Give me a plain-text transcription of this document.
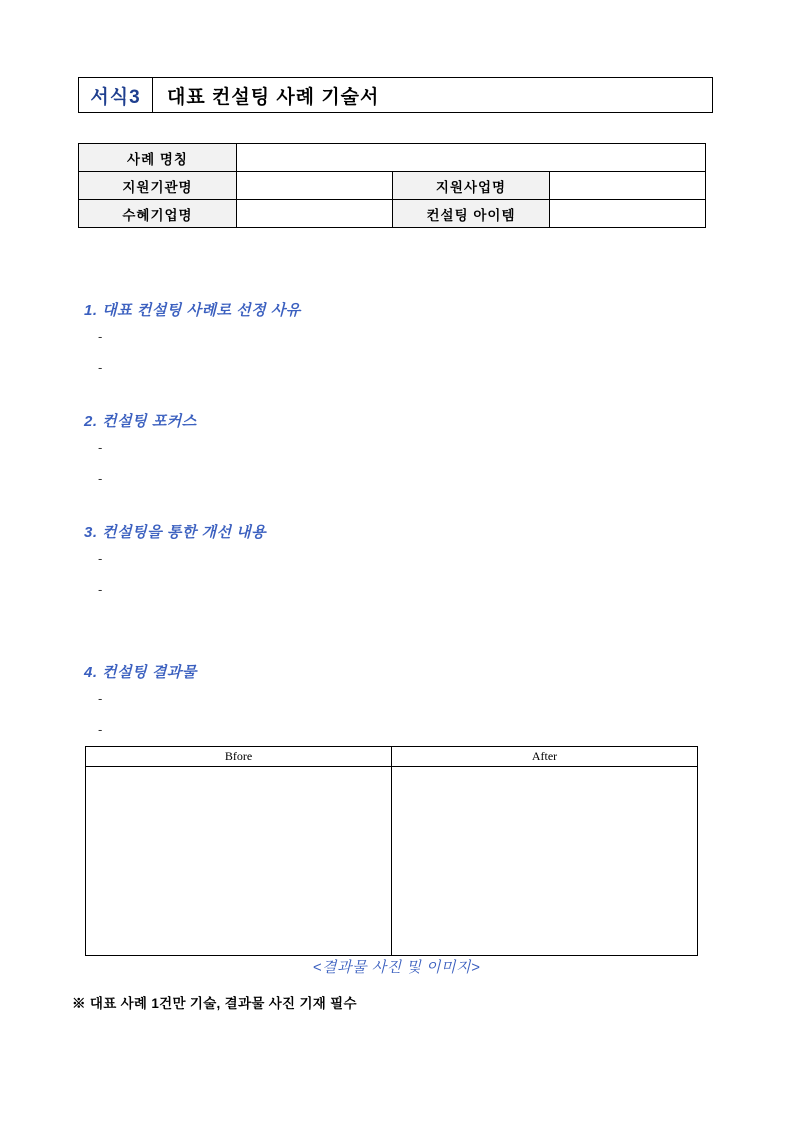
서식3	대표 컨설팅 사례 기술서
사례 명칭			
지원기관명		지원사업명	
수혜기업명		컨설팅 아이템	
1. 대표 컨설팅 사례로 선정 사유
-
-
2. 컨설팅 포커스
-
-
3. 컨설팅을 통한 개선 내용
-
-
4. 컨설팅 결과물
-
-
Bfore	After

<결과물 사진 및 이미지>
※ 대표 사례 1건만 기술, 결과물 사진 기재 필수
